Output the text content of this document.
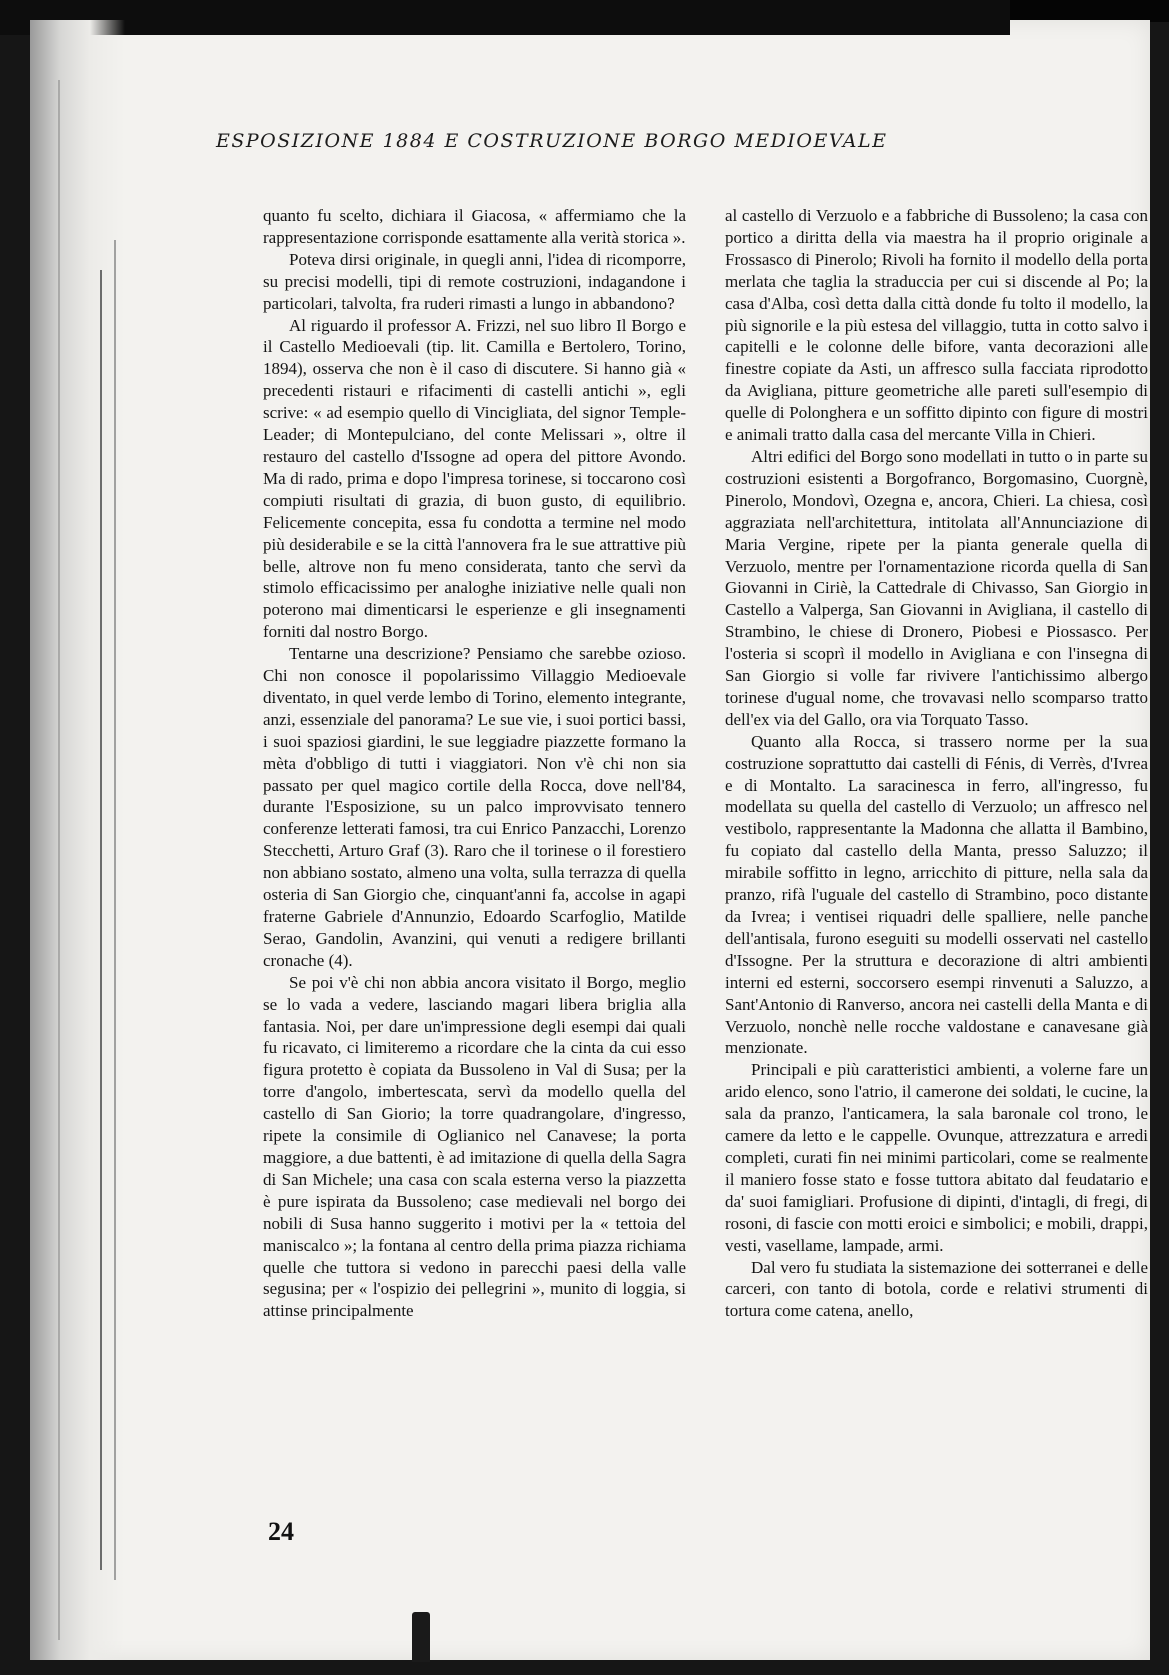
ESPOSIZIONE 1884 E COSTRUZIONE BORGO MEDIOEVALE

quanto fu scelto, dichiara il Giacosa, « affermiamo che la rappresentazione corrisponde esattamente alla verità storica ».

Poteva dirsi originale, in quegli anni, l'idea di ricomporre, su precisi modelli, tipi di remote costruzioni, indagandone i particolari, talvolta, fra ruderi rimasti a lungo in abbandono?

Al riguardo il professor A. Frizzi, nel suo libro Il Borgo e il Castello Medioevali (tip. lit. Camilla e Bertolero, Torino, 1894), osserva che non è il caso di discutere. Si hanno già « precedenti ristauri e rifacimenti di castelli antichi », egli scrive: « ad esempio quello di Vincigliata, del signor Temple-Leader; di Montepulciano, del conte Melissari », oltre il restauro del castello d'Issogne ad opera del pittore Avondo. Ma di rado, prima e dopo l'impresa torinese, si toccarono così compiuti risultati di grazia, di buon gusto, di equilibrio. Felicemente concepita, essa fu condotta a termine nel modo più desiderabile e se la città l'annovera fra le sue attrattive più belle, altrove non fu meno considerata, tanto che servì da stimolo efficacissimo per analoghe iniziative nelle quali non poterono mai dimenticarsi le esperienze e gli insegnamenti forniti dal nostro Borgo.

Tentarne una descrizione? Pensiamo che sarebbe ozioso. Chi non conosce il popolarissimo Villaggio Medioevale diventato, in quel verde lembo di Torino, elemento integrante, anzi, essenziale del panorama? Le sue vie, i suoi portici bassi, i suoi spaziosi giardini, le sue leggiadre piazzette formano la mèta d'obbligo di tutti i viaggiatori. Non v'è chi non sia passato per quel magico cortile della Rocca, dove nell'84, durante l'Esposizione, su un palco improvvisato tennero conferenze letterati famosi, tra cui Enrico Panzacchi, Lorenzo Stecchetti, Arturo Graf (3). Raro che il torinese o il forestiero non abbiano sostato, almeno una volta, sulla terrazza di quella osteria di San Giorgio che, cinquant'anni fa, accolse in agapi fraterne Gabriele d'Annunzio, Edoardo Scarfoglio, Matilde Serao, Gandolin, Avanzini, qui venuti a redigere brillanti cronache (4).

Se poi v'è chi non abbia ancora visitato il Borgo, meglio se lo vada a vedere, lasciando magari libera briglia alla fantasia. Noi, per dare un'impressione degli esempi dai quali fu ricavato, ci limiteremo a ricordare che la cinta da cui esso figura protetto è copiata da Bussoleno in Val di Susa; per la torre d'angolo, imbertescata, servì da modello quella del castello di San Giorio; la torre quadrangolare, d'ingresso, ripete la consimile di Oglianico nel Canavese; la porta maggiore, a due battenti, è ad imitazione di quella della Sagra di San Michele; una casa con scala esterna verso la piazzetta è pure ispirata da Bussoleno; case medievali nel borgo dei nobili di Susa hanno suggerito i motivi per la « tettoia del maniscalco »; la fontana al centro della prima piazza richiama quelle che tuttora si vedono in parecchi paesi della valle segusina; per « l'ospizio dei pellegrini », munito di loggia, si attinse principalmente

al castello di Verzuolo e a fabbriche di Bussoleno; la casa con portico a diritta della via maestra ha il proprio originale a Frossasco di Pinerolo; Rivoli ha fornito il modello della porta merlata che taglia la straduccia per cui si discende al Po; la casa d'Alba, così detta dalla città donde fu tolto il modello, la più signorile e la più estesa del villaggio, tutta in cotto salvo i capitelli e le colonne delle bifore, vanta decorazioni alle finestre copiate da Asti, un affresco sulla facciata riprodotto da Avigliana, pitture geometriche alle pareti sull'esempio di quelle di Polonghera e un soffitto dipinto con figure di mostri e animali tratto dalla casa del mercante Villa in Chieri.

Altri edifici del Borgo sono modellati in tutto o in parte su costruzioni esistenti a Borgofranco, Borgomasino, Cuorgnè, Pinerolo, Mondovì, Ozegna e, ancora, Chieri. La chiesa, così aggraziata nell'architettura, intitolata all'Annunciazione di Maria Vergine, ripete per la pianta generale quella di Verzuolo, mentre per l'ornamentazione ricorda quella di San Giovanni in Ciriè, la Cattedrale di Chivasso, San Giorgio in Castello a Valperga, San Giovanni in Avigliana, il castello di Strambino, le chiese di Dronero, Piobesi e Piossasco. Per l'osteria si scoprì il modello in Avigliana e con l'insegna di San Giorgio si volle far rivivere l'antichissimo albergo torinese d'ugual nome, che trovavasi nello scomparso tratto dell'ex via del Gallo, ora via Torquato Tasso.

Quanto alla Rocca, si trassero norme per la sua costruzione soprattutto dai castelli di Fénis, di Verrès, d'Ivrea e di Montalto. La saracinesca in ferro, all'ingresso, fu modellata su quella del castello di Verzuolo; un affresco nel vestibolo, rappresentante la Madonna che allatta il Bambino, fu copiato dal castello della Manta, presso Saluzzo; il mirabile soffitto in legno, arricchito di pitture, nella sala da pranzo, rifà l'uguale del castello di Strambino, poco distante da Ivrea; i ventisei riquadri delle spalliere, nelle panche dell'antisala, furono eseguiti su modelli osservati nel castello d'Issogne. Per la struttura e decorazione di altri ambienti interni ed esterni, soccorsero esempi rinvenuti a Saluzzo, a Sant'Antonio di Ranverso, ancora nei castelli della Manta e di Verzuolo, nonchè nelle rocche valdostane e canavesane già menzionate.

Principali e più caratteristici ambienti, a volerne fare un arido elenco, sono l'atrio, il camerone dei soldati, le cucine, la sala da pranzo, l'anticamera, la sala baronale col trono, le camere da letto e le cappelle. Ovunque, attrezzatura e arredi completi, curati fin nei minimi particolari, come se realmente il maniero fosse stato e fosse tuttora abitato dal feudatario e da' suoi famigliari. Profusione di dipinti, d'intagli, di fregi, di rosoni, di fascie con motti eroici e simbolici; e mobili, drappi, vesti, vasellame, lampade, armi.

Dal vero fu studiata la sistemazione dei sotterranei e delle carceri, con tanto di botola, corde e relativi strumenti di tortura come catena, anello,

24
